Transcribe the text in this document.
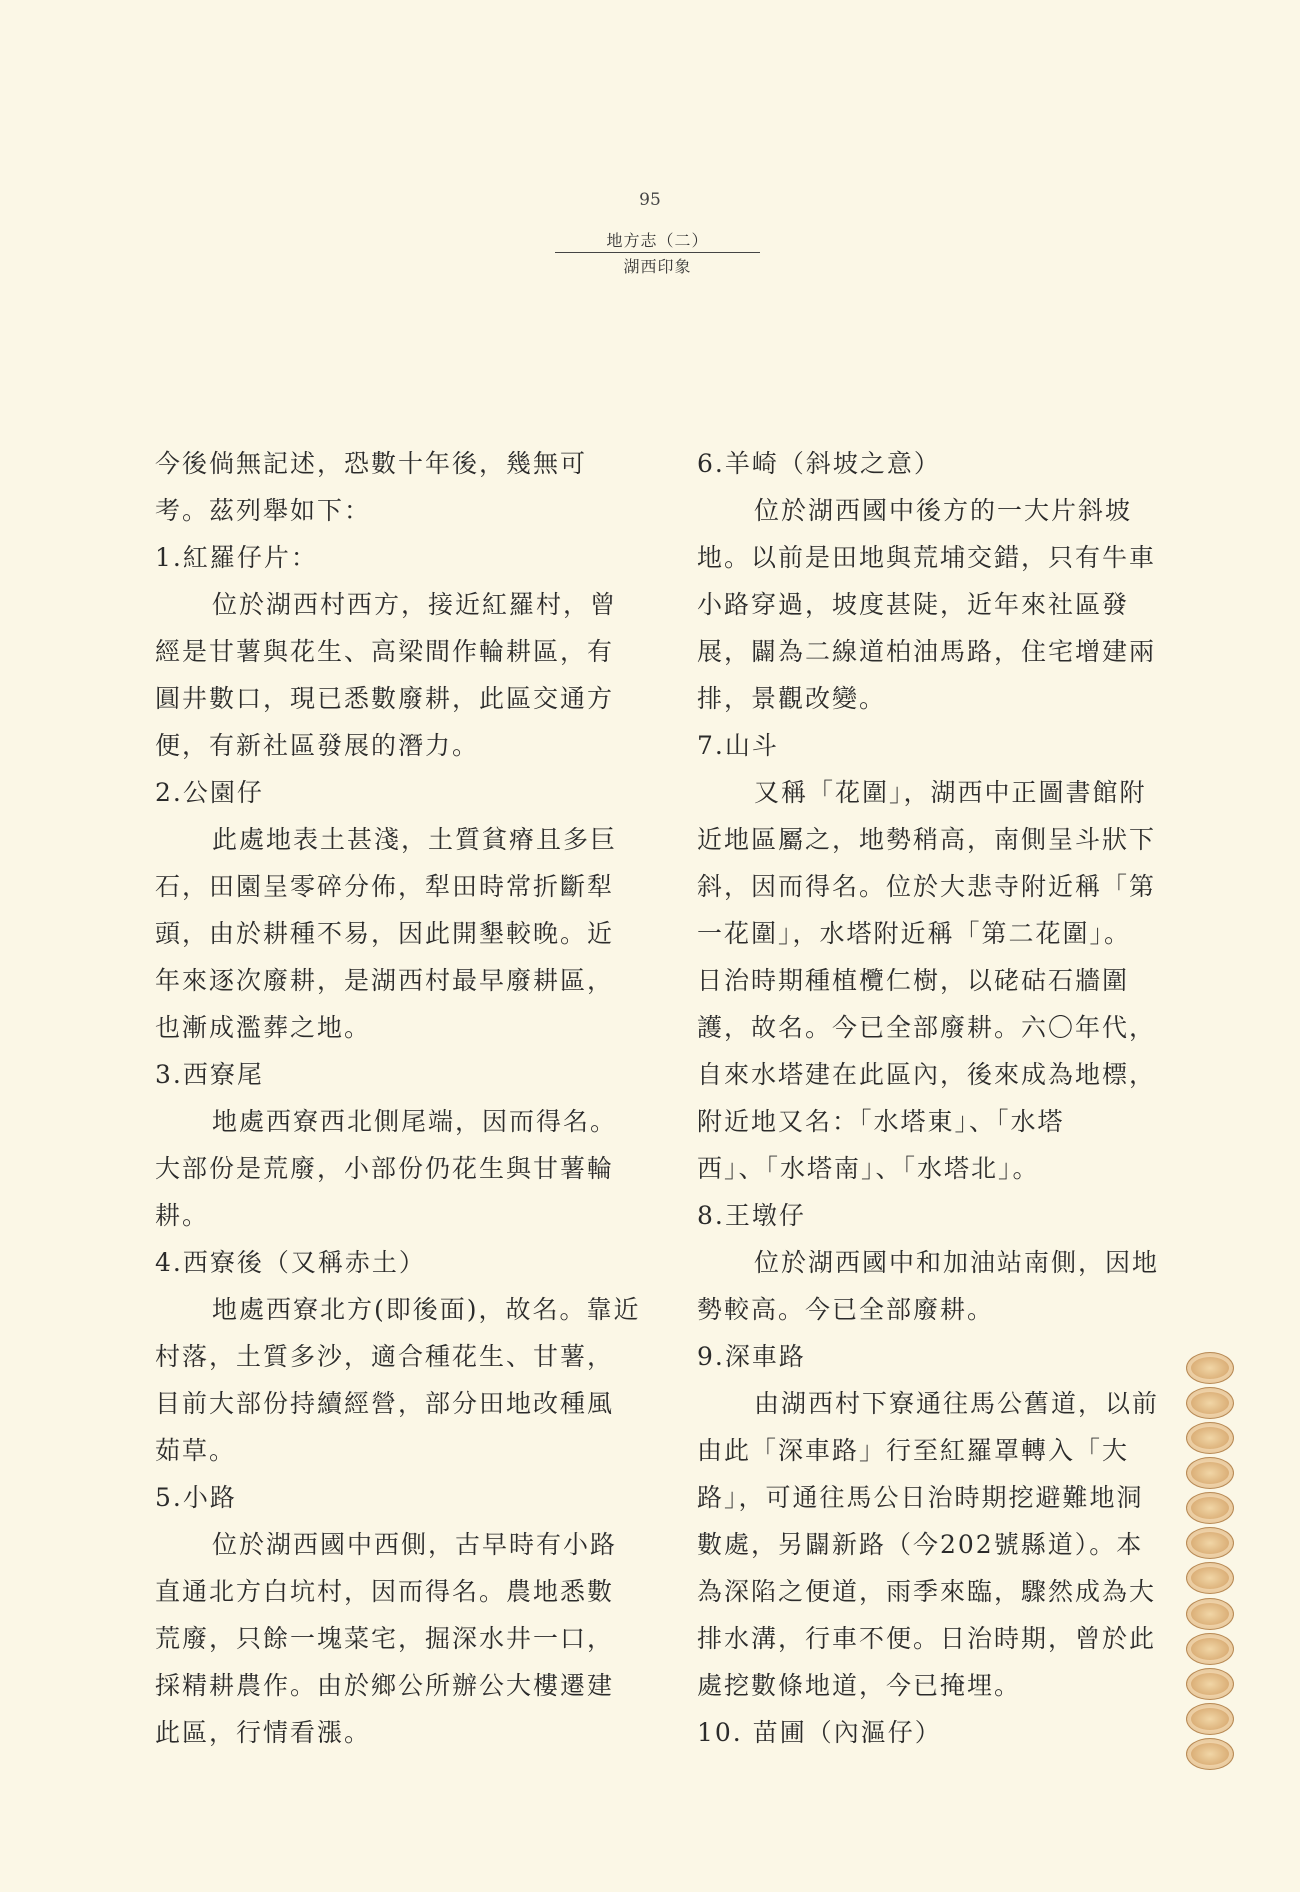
95
地方志（二）
湖西印象
今後倘無記述，恐數十年後，幾無可
考。茲列舉如下：
1.紅羅仔片：
位於湖西村西方，接近紅羅村，曾
經是甘薯與花生、高梁間作輪耕區，有
圓井數口，現已悉數廢耕，此區交通方
便，有新社區發展的潛力。
2.公園仔
此處地表土甚淺，土質貧瘠且多巨
石，田園呈零碎分佈，犁田時常折斷犁
頭，由於耕種不易，因此開墾較晚。近
年來逐次廢耕，是湖西村最早廢耕區，
也漸成濫葬之地。
3.西寮尾
地處西寮西北側尾端，因而得名。
大部份是荒廢，小部份仍花生與甘薯輪
耕。
4.西寮後（又稱赤土）
地處西寮北方(即後面)，故名。靠近
村落，土質多沙，適合種花生、甘薯，
目前大部份持續經營，部分田地改種風
茹草。
5.小路
位於湖西國中西側，古早時有小路
直通北方白坑村，因而得名。農地悉數
荒廢，只餘一塊菜宅，掘深水井一口，
採精耕農作。由於鄉公所辦公大樓遷建
此區，行情看漲。
6.羊崎（斜坡之意）
位於湖西國中後方的一大片斜坡
地。以前是田地與荒埔交錯，只有牛車
小路穿過，坡度甚陡，近年來社區發
展，闢為二線道柏油馬路，住宅增建兩
排，景觀改變。
7.山斗
又稱「花圍」，湖西中正圖書館附
近地區屬之，地勢稍高，南側呈斗狀下
斜，因而得名。位於大悲寺附近稱「第
一花圍」，水塔附近稱「第二花圍」。
日治時期種植欖仁樹，以硓𥑮石牆圍
護，故名。今已全部廢耕。六〇年代，
自來水塔建在此區內，後來成為地標，
附近地又名：「水塔東」、「水塔
西」、「水塔南」、「水塔北」。
8.王墩仔
位於湖西國中和加油站南側，因地
勢較高。今已全部廢耕。
9.深車路
由湖西村下寮通往馬公舊道，以前
由此「深車路」行至紅羅罩轉入「大
路」，可通往馬公日治時期挖避難地洞
數處，另闢新路（今202號縣道）。本
為深陷之便道，雨季來臨，驟然成為大
排水溝，行車不便。日治時期，曾於此
處挖數條地道，今已掩埋。
10. 苗圃（內漚仔）
